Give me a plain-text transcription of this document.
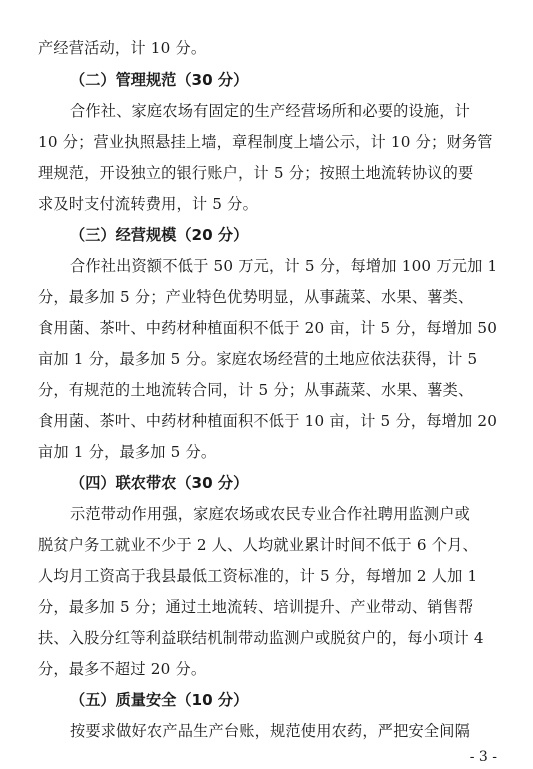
产经营活动，计 10 分。
（二）管理规范（30 分）
合作社、家庭农场有固定的生产经营场所和必要的设施，计
10 分；营业执照悬挂上墙，章程制度上墙公示，计 10 分；财务管
理规范，开设独立的银行账户，计 5 分；按照土地流转协议的要
求及时支付流转费用，计 5 分。
（三）经营规模（20 分）
合作社出资额不低于 50 万元，计 5 分，每增加 100 万元加 1
分，最多加 5 分；产业特色优势明显，从事蔬菜、水果、薯类、
食用菌、茶叶、中药材种植面积不低于 20 亩，计 5 分，每增加 50
亩加 1 分，最多加 5 分。家庭农场经营的土地应依法获得，计 5
分，有规范的土地流转合同，计 5 分；从事蔬菜、水果、薯类、
食用菌、茶叶、中药材种植面积不低于 10 亩，计 5 分，每增加 20
亩加 1 分，最多加 5 分。
（四）联农带农（30 分）
示范带动作用强，家庭农场或农民专业合作社聘用监测户或
脱贫户务工就业不少于 2 人、人均就业累计时间不低于 6 个月、
人均月工资高于我县最低工资标准的，计 5 分，每增加 2 人加 1
分，最多加 5 分；通过土地流转、培训提升、产业带动、销售帮
扶、入股分红等利益联结机制带动监测户或脱贫户的，每小项计 4
分，最多不超过 20 分。
（五）质量安全（10 分）
按要求做好农产品生产台账，规范使用农药，严把安全间隔
- 3 -
